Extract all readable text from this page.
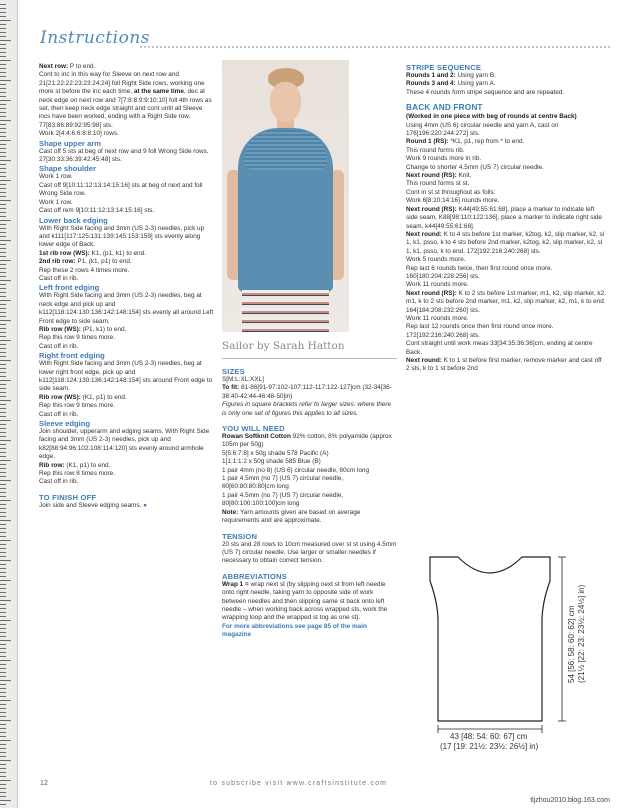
Instructions

Next row: P to end.

Cont to inc in this way for Sleeve on next row and 21[21:22:22:23:23:24:24] foll Right Side rows, working one more st before the inc each time, at the same time, dec at neck edge on next row and 7[7:8:8:9:9:10:10] foll 4th rows as set, then keep neck edge straight and cont until all Sleeve incs have been worked, ending with a Right Side row. 77[83:86:89:92:95:98] sts.

Work 2[4:4:6:6:8:8:10] rows.

Shape upper arm

Cast off 5 sts at beg of next row and 9 foll Wrong Side rows. 27[30:33:36:39:42:45:48] sts.

Shape shoulder

Work 1 row.

Cast off 9[10:11:12:13:14:15:16] sts at beg of next and foll Wrong Side row.

Work 1 row.

Cast off rem 9[10:11:12:13:14:15:16] sts.

Lower back edging

With Right Side facing and 3mm (US 2-3) needles, pick up and k111[117:125:131:139:145:153:159] sts evenly along lower edge of Back.

1st rib row (WS): K1, (p1, k1) to end.

2nd rib row: P1, (k1, p1) to end.

Rep these 2 rows 4 times more.

Cast off in rib.

Left front edging

With Right Side facing and 3mm (US 2-3) needles, beg at neck edge and pick up and k112[118:124:130:136:142:148:154] sts evenly all around Left Front edge to side seam.

Rib row (WS): (P1, k1) to end.

Rep this row 9 times more.

Cast off in rib.

Right front edging

With Right Side facing and 3mm (US 2-3) needles, beg at lower right front edge, pick up and k112[118:124:130:136:142:148:154] sts around Front edge to side seam.

Rib row (WS): (K1, p1) to end.

Rep this row 9 times more.

Cast off in rib.

Sleeve edging

Join shoulder, upperarm and edging seams. With Right Side facing and 3mm (US 2-3) needles, pick up and k82[88:94:96:102:108:114:120] sts evenly around armhole edge.

Rib row: (K1, p1) to end.

Rep this row 8 times more.

Cast off in rib.

TO FINISH OFF

Join side and Sleeve edging seams. ●

Sailor by Sarah Hatton
SIZES

S[M:L:XL:XXL]

To fit: 81-86[91-97:102-107:112-117:122-127]cm (32-34[36-38:40-42:44-46:48-50]in)

Figures in square brackets refer to larger sizes: where there is only one set of figures this applies to all sizes.

YOU WILL NEED

Rowan Softknit Cotton 92% cotton, 8% polyamide (approx 105m per 50g)

5[5:6:7:8] x 50g shade 578 Pacific (A)

1[1:1:1:2 x 50g shade 585 Blue (B)

1 pair 4mm (no 8) (US 6) circular needle, 60cm long

1 pair 4.5mm (no 7) (US 7) circular needle, 60[60:80:80:80]cm long

1 pair 4.5mm (no 7) (US 7) circular needle, 80[80:100:100:100]cm long

Note: Yarn amounts given are based on average requirements and are approximate.

TENSION

20 sts and 28 rows to 10cm measured over st st using 4.5mm (US 7) circular needle. Use larger or smaller needles if necessary to obtain correct tension.

ABBREVIATIONS

Wrap 1 = wrap next st (by slipping next st from left needle onto right needle, taking yarn to opposite side of work between needles and then slipping same st back onto left needle – when working back across wrapped sts, work the wrapping loop and the wrapped st tog as one st).

For more abbreviations see page 85 of the main magazine

STRIPE SEQUENCE

Rounds 1 and 2: Using yarn B.

Rounds 3 and 4: Using yarn A.

These 4 rounds form stripe sequence and are repeated.

BACK AND FRONT

(Worked in one piece with beg of rounds at centre Back)

Using 4mm (US 6) circular needle and yarn A, cast on 176[196:220:244:272] sts.

Round 1 (RS): *K1, p1, rep from * to end.

This round forms rib.

Work 9 rounds more in rib.

Change to shorter 4.5mm (US 7) circular needle.

Next round (RS): Knit.

This round forms st st.

Cont in st st throughout as folls:

Work 6[8:10:14:16] rounds more.

Next round (RS): K44[49:55:61:68], place a marker to indicate left side seam, K88[98:110:122:136], place a marker to indicate right side seam, k44[49:55:61:68].

Next round: K to 4 sts before 1st marker, k2tog, k2, slip marker, k2, sl 1, k1, psso, k to 4 sts before 2nd marker, k2tog, k2, slip marker, k2, sl 1, k1, psso, k to end. 172[192:216:240:268] sts.

Work 5 rounds more.

Rep last 6 rounds twice, then first round once more. 160[180:204:228:256] sts.

Work 11 rounds more.

Next round (RS): K to 2 sts before 1st marker, m1, k2, slip marker, k2, m1, k to 2 sts before 2nd marker, m1, k2, slip marker, k2, m1, k to end.

164[184:208:232:260] sts.

Work 11 rounds more.

Rep last 12 rounds once then first round once more. 172[192:216:240:268] sts.

Cont straight until work meas 33[34:35:36:36]cm, ending at centre Back.

Next round: K to 1 st before first marker, remove marker and cast off 2 sts, k to 1 st before 2nd

54 [56: 58: 60: 62] cm (21½ [22: 23: 23½: 24½] in)
43 [48: 54: 60: 67] cm
(17 [19: 21½: 23½: 26½] in)
12	to subscribe visit www.craftsinstitute.com
tljzhou2010.blog.163.com
